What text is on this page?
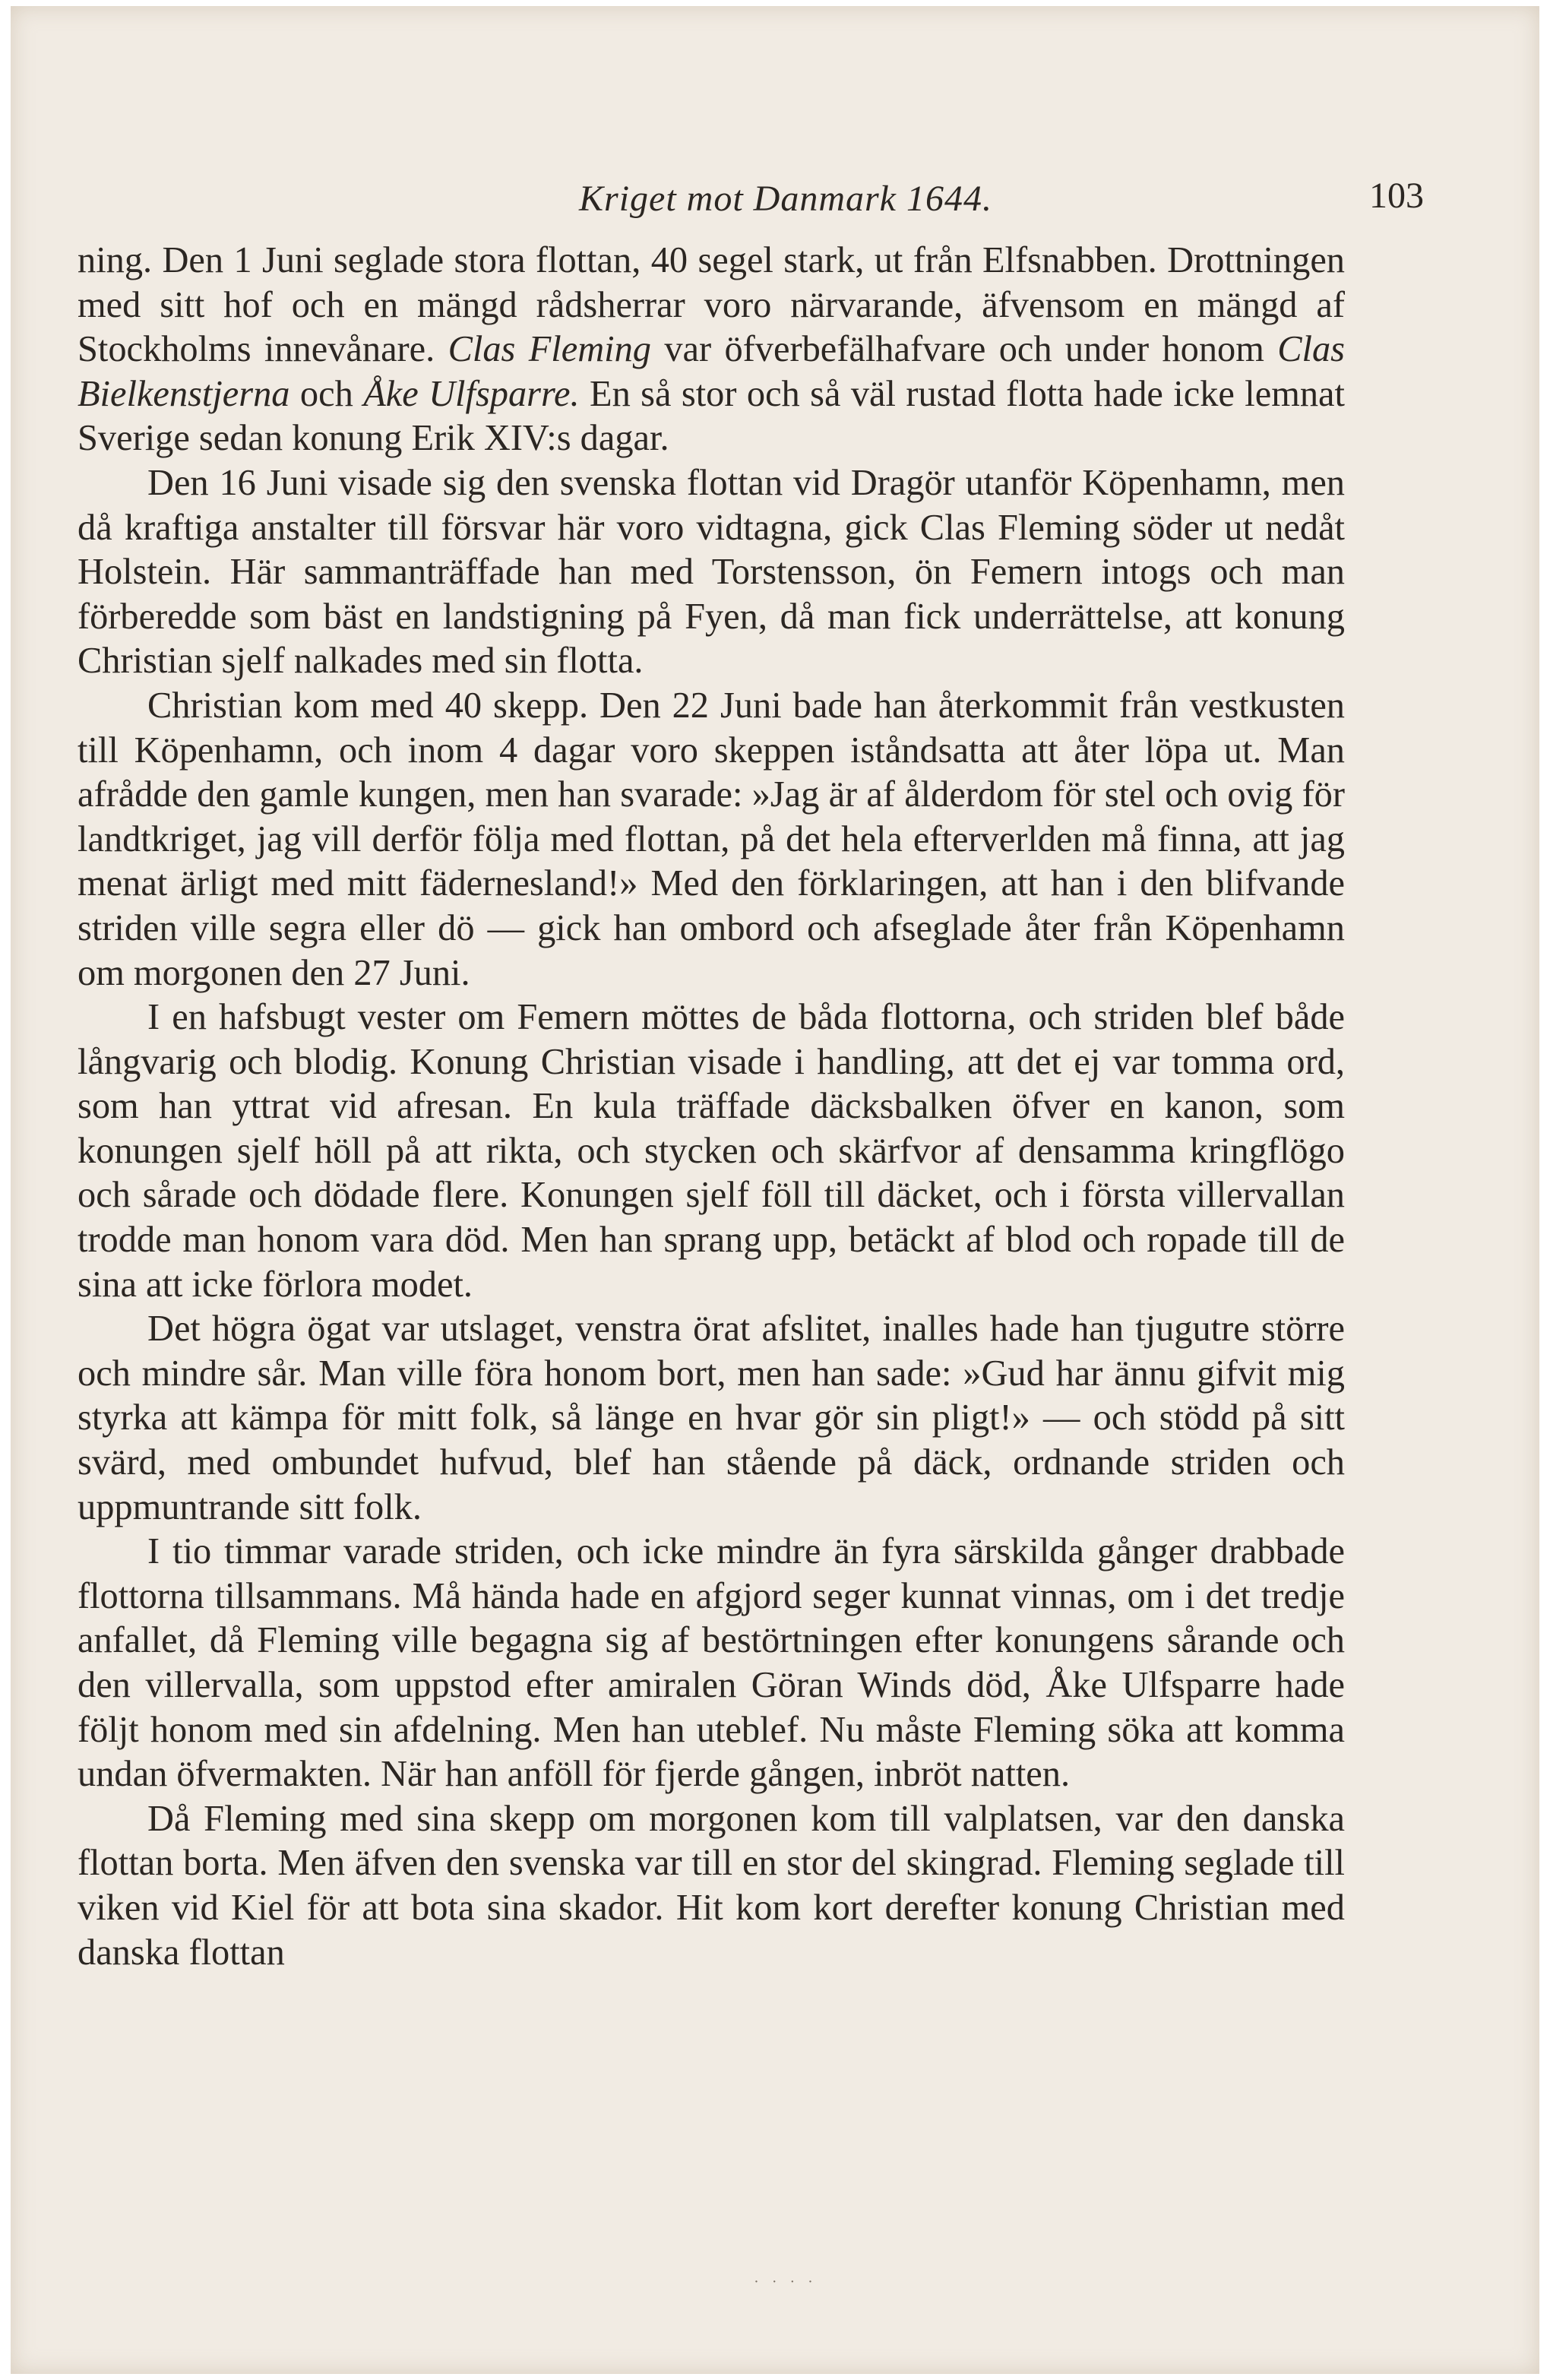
Kriget mot Danmark 1644.	103

ning. Den 1 Juni seglade stora flottan, 40 segel stark, ut från Elfsnabben. Drottningen med sitt hof och en mängd rådsherrar voro närvarande, äfvensom en mängd af Stockholms innevånare. Clas Fleming var öfverbefälhafvare och under honom Clas Bielkenstjerna och Åke Ulfsparre. En så stor och så väl rustad flotta hade icke lemnat Sverige sedan konung Erik XIV:s dagar.

Den 16 Juni visade sig den svenska flottan vid Dragör utanför Köpenhamn, men då kraftiga anstalter till försvar här voro vidtagna, gick Clas Fleming söder ut nedåt Holstein. Här sammanträffade han med Torstensson, ön Femern intogs och man förberedde som bäst en landstigning på Fyen, då man fick underrättelse, att konung Christian sjelf nalkades med sin flotta.

Christian kom med 40 skepp. Den 22 Juni bade han återkommit från vestkusten till Köpenhamn, och inom 4 dagar voro skeppen iståndsatta att åter löpa ut. Man afrådde den gamle kungen, men han svarade: »Jag är af ålderdom för stel och ovig för landtkriget, jag vill derför följa med flottan, på det hela efterverlden må finna, att jag menat ärligt med mitt fädernesland!» Med den förklaringen, att han i den blifvande striden ville segra eller dö — gick han ombord och afseglade åter från Köpenhamn om morgonen den 27 Juni.

I en hafsbugt vester om Femern möttes de båda flottorna, och striden blef både långvarig och blodig. Konung Christian visade i handling, att det ej var tomma ord, som han yttrat vid afresan. En kula träffade däcksbalken öfver en kanon, som konungen sjelf höll på att rikta, och stycken och skärfvor af densamma kringflögo och sårade och dödade flere. Konungen sjelf föll till däcket, och i första villervallan trodde man honom vara död. Men han sprang upp, betäckt af blod och ropade till de sina att icke förlora modet.

Det högra ögat var utslaget, venstra örat afslitet, inalles hade han tjugutre större och mindre sår. Man ville föra honom bort, men han sade: »Gud har ännu gifvit mig styrka att kämpa för mitt folk, så länge en hvar gör sin pligt!» — och stödd på sitt svärd, med ombundet hufvud, blef han stående på däck, ordnande striden och uppmuntrande sitt folk.

I tio timmar varade striden, och icke mindre än fyra särskilda gånger drabbade flottorna tillsammans. Må hända hade en afgjord seger kunnat vinnas, om i det tredje anfallet, då Fleming ville begagna sig af bestörtningen efter konungens sårande och den villervalla, som uppstod efter amiralen Göran Winds död, Åke Ulfsparre hade följt honom med sin afdelning. Men han uteblef. Nu måste Fleming söka att komma undan öfvermakten. När han anföll för fjerde gången, inbröt natten.

Då Fleming med sina skepp om morgonen kom till valplatsen, var den danska flottan borta. Men äfven den svenska var till en stor del skingrad. Fleming seglade till viken vid Kiel för att bota sina skador. Hit kom kort derefter konung Christian med danska flottan

· · · ·
